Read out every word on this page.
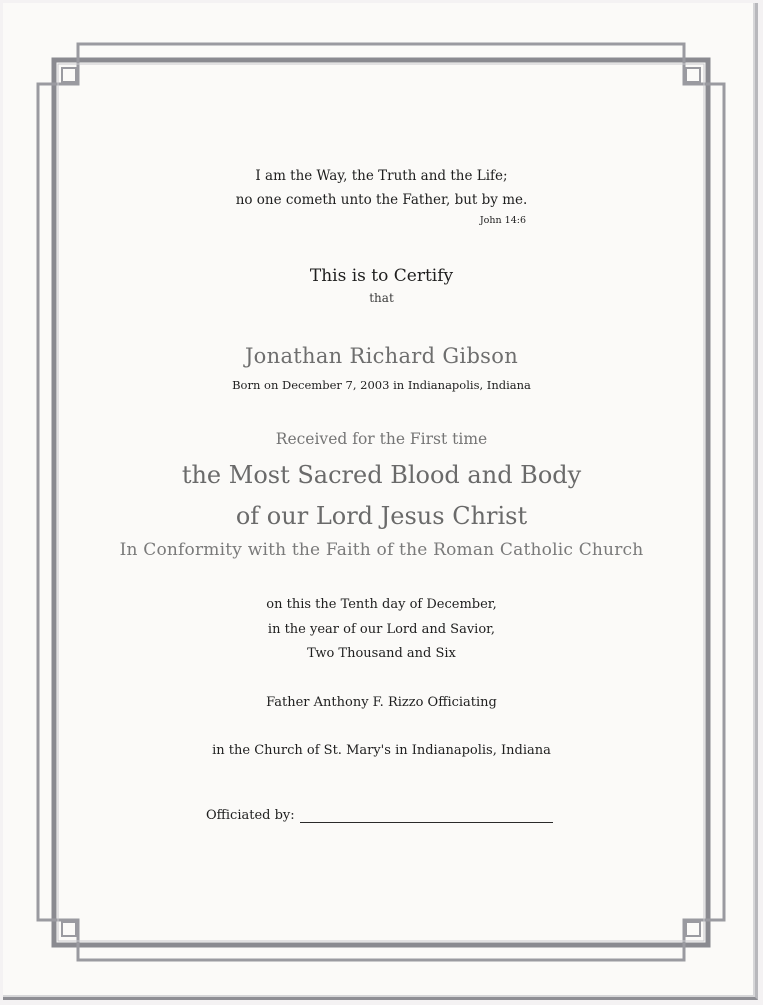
I am the Way, the Truth and the Life;
no one cometh unto the Father, but by me.
John 14:6
This is to Certify
that
Jonathan Richard Gibson
Born on December 7, 2003 in Indianapolis, Indiana
Received for the First time
the Most Sacred Blood and Body
of our Lord Jesus Christ
In Conformity with the Faith of the Roman Catholic Church
on this the Tenth day of December,
in the year of our Lord and Savior,
Two Thousand and Six
Father Anthony F. Rizzo Officiating
in the Church of St. Mary's in Indianapolis, Indiana
Officiated by:
